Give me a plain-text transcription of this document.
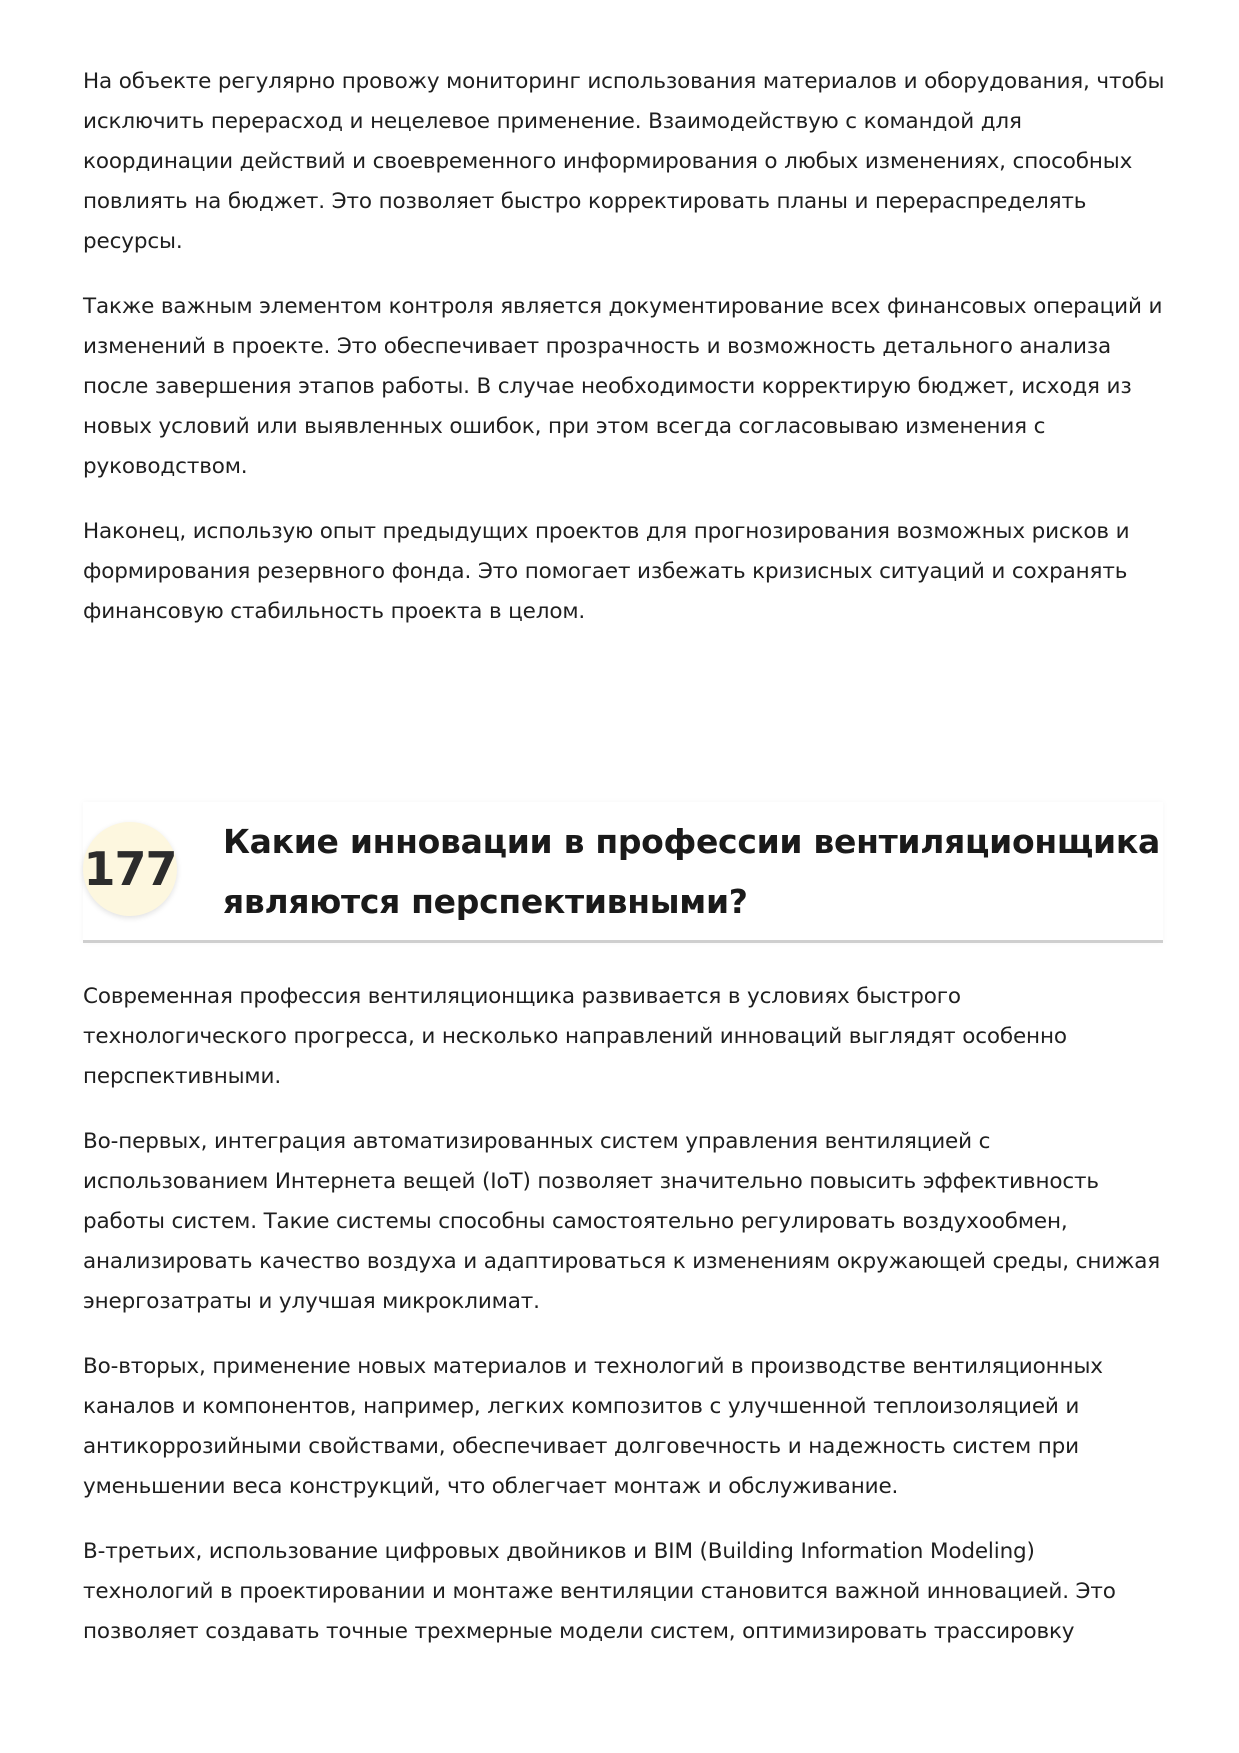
На объекте регулярно провожу мониторинг использования материалов и оборудования, чтобы исключить перерасход и нецелевое применение. Взаимодействую с командой для координации действий и своевременного информирования о любых изменениях, способных повлиять на бюджет. Это позволяет быстро корректировать планы и перераспределять ресурсы.

Также важным элементом контроля является документирование всех финансовых операций и изменений в проекте. Это обеспечивает прозрачность и возможность детального анализа после завершения этапов работы. В случае необходимости корректирую бюджет, исходя из новых условий или выявленных ошибок, при этом всегда согласовываю изменения с руководством.

Наконец, использую опыт предыдущих проектов для прогнозирования возможных рисков и формирования резервного фонда. Это помогает избежать кризисных ситуаций и сохранять финансовую стабильность проекта в целом.

177
Какие инновации в профессии вентиляционщика являются перспективными?

Современная профессия вентиляционщика развивается в условиях быстрого технологического прогресса, и несколько направлений инноваций выглядят особенно перспективными.

Во-первых, интеграция автоматизированных систем управления вентиляцией с использованием Интернета вещей (IoT) позволяет значительно повысить эффективность работы систем. Такие системы способны самостоятельно регулировать воздухообмен, анализировать качество воздуха и адаптироваться к изменениям окружающей среды, снижая энергозатраты и улучшая микроклимат.

Во-вторых, применение новых материалов и технологий в производстве вентиляционных каналов и компонентов, например, легких композитов с улучшенной теплоизоляцией и антикоррозийными свойствами, обеспечивает долговечность и надежность систем при уменьшении веса конструкций, что облегчает монтаж и обслуживание.

В-третьих, использование цифровых двойников и BIM (Building Information Modeling) технологий в проектировании и монтаже вентиляции становится важной инновацией. Это позволяет создавать точные трехмерные модели систем, оптимизировать трассировку
